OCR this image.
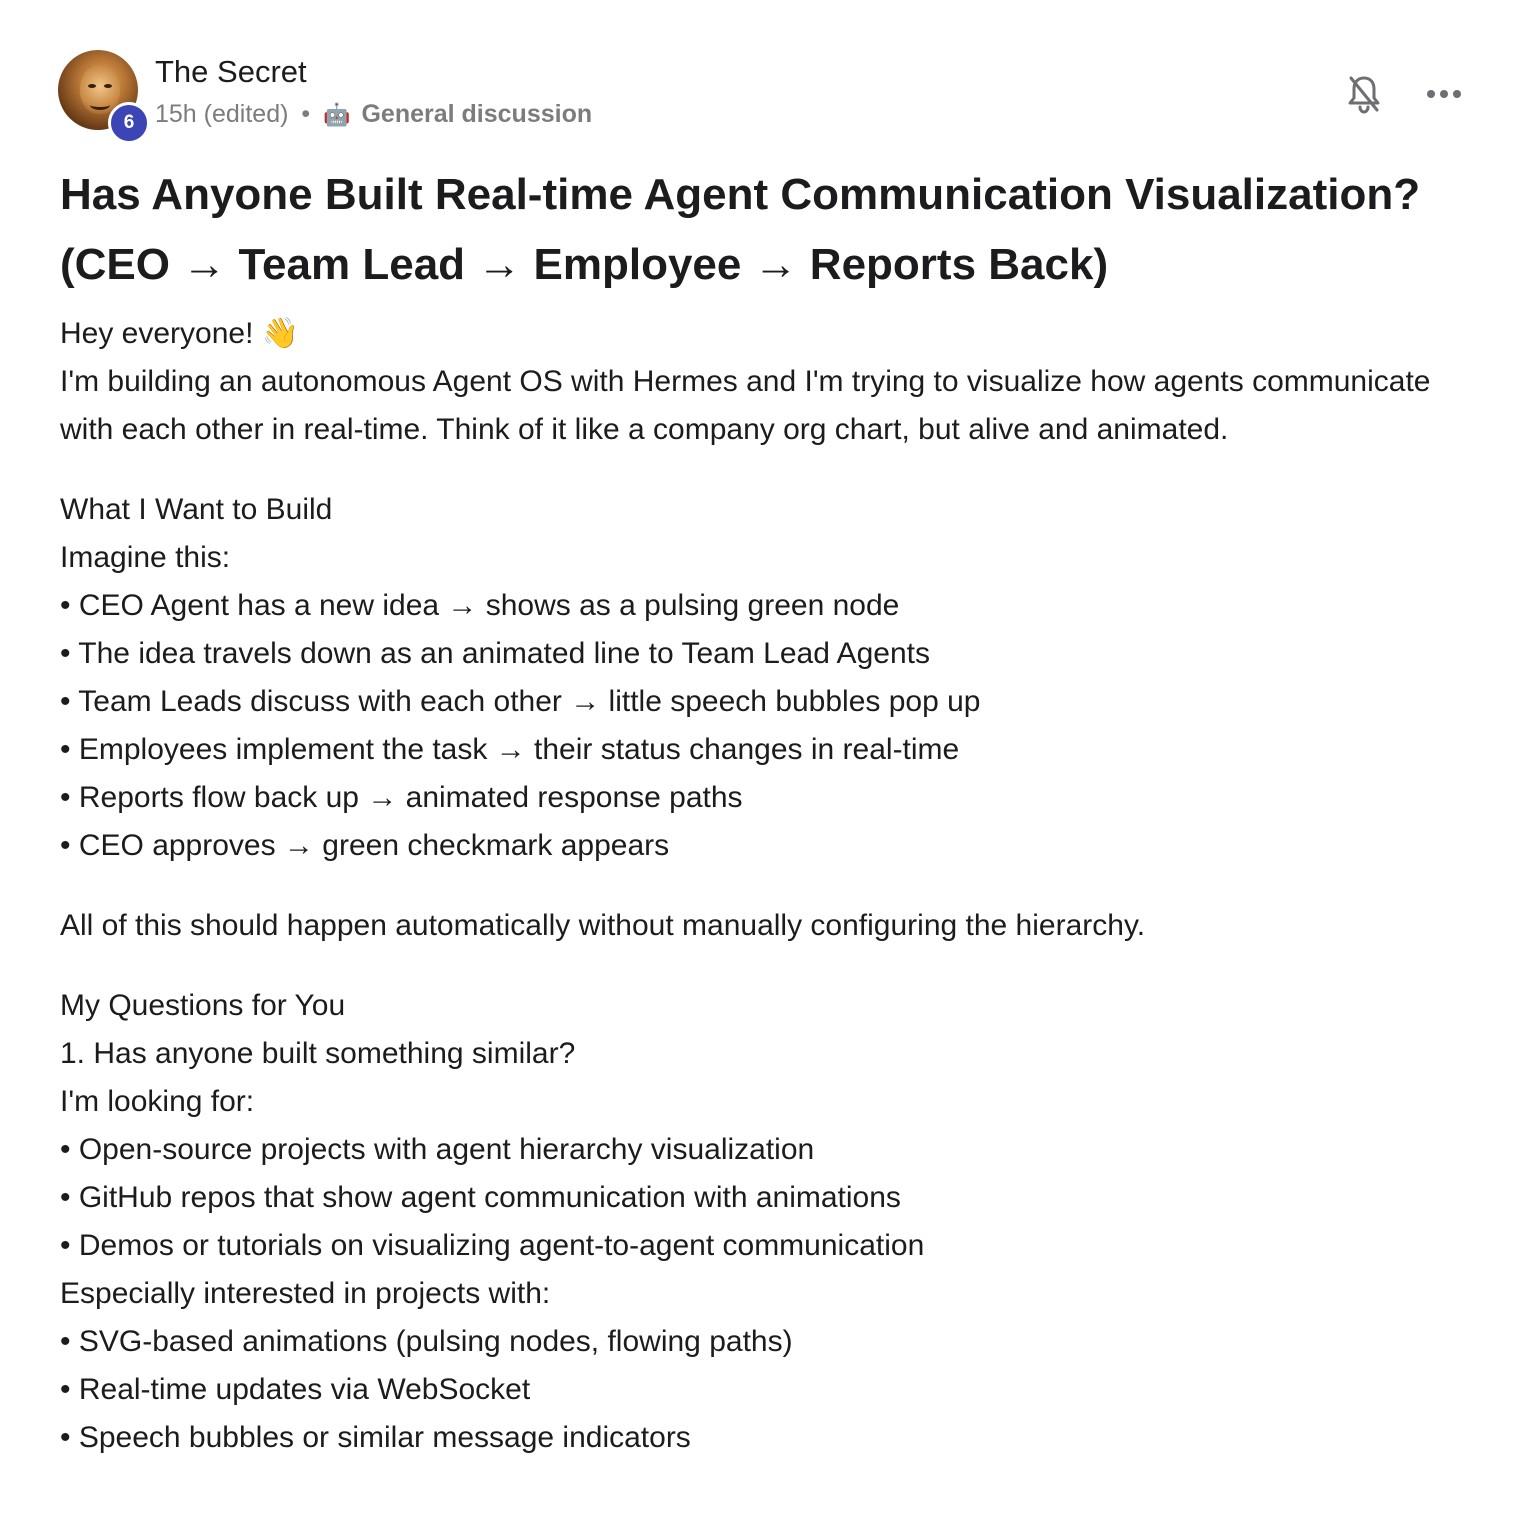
6
The Secret
15h (edited) • 🤖 General discussion
Has Anyone Built Real-time Agent Communication Visualization?
(CEO → Team Lead → Employee → Reports Back)

Hey everyone! 👋

I'm building an autonomous Agent OS with Hermes and I'm trying to visualize how agents communicate with each other in real-time. Think of it like a company org chart, but alive and animated.

What I Want to Build

Imagine this:

• CEO Agent has a new idea → shows as a pulsing green node

• The idea travels down as an animated line to Team Lead Agents

• Team Leads discuss with each other → little speech bubbles pop up

• Employees implement the task → their status changes in real-time

• Reports flow back up → animated response paths

• CEO approves → green checkmark appears

All of this should happen automatically without manually configuring the hierarchy.

My Questions for You

1. Has anyone built something similar?

I'm looking for:

• Open-source projects with agent hierarchy visualization

• GitHub repos that show agent communication with animations

• Demos or tutorials on visualizing agent-to-agent communication

Especially interested in projects with:

• SVG-based animations (pulsing nodes, flowing paths)

• Real-time updates via WebSocket

• Speech bubbles or similar message indicators
